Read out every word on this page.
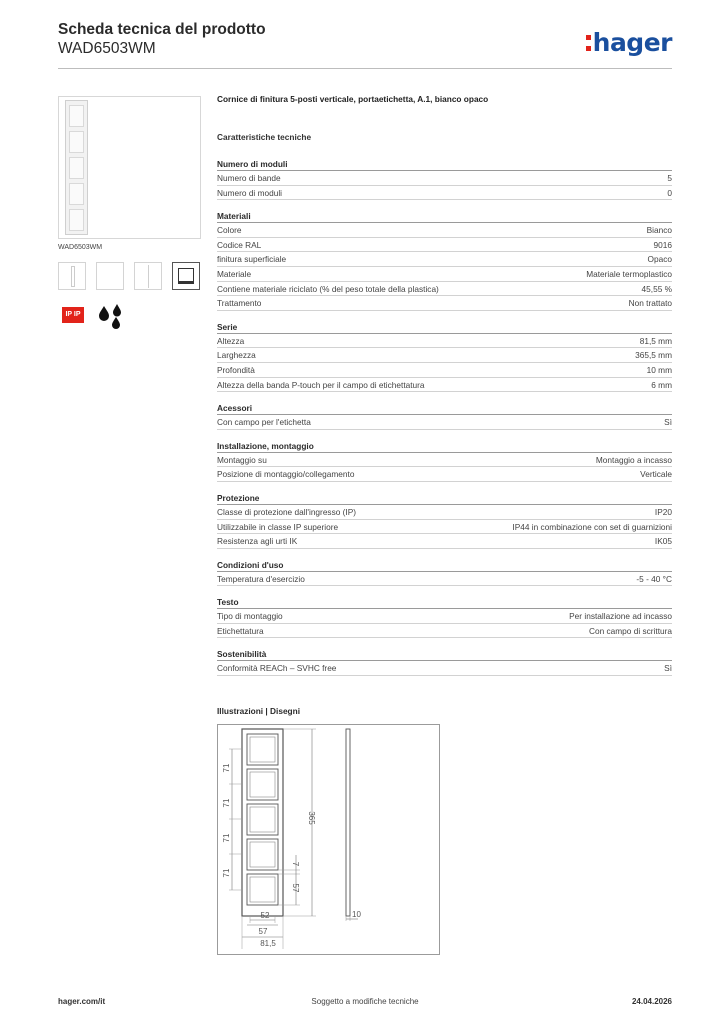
Scheda tecnica del prodotto
WAD6503WM	hager
WAD6503WM
IP IP
Cornice di finitura 5-posti verticale, portaetichetta, A.1, bianco opaco
Caratteristiche tecniche
Numero di moduli
Numero di bande	5
Numero di moduli	0
Materiali
Colore	Bianco
Codice RAL	9016
finitura superficiale	Opaco
Materiale	Materiale termoplastico
Contiene materiale riciclato (% del peso totale della plastica)	45,55 %
Trattamento	Non trattato
Serie
Altezza	81,5 mm
Larghezza	365,5 mm
Profondità	10 mm
Altezza della banda P-touch per il campo di etichettatura	6 mm
Acessori
Con campo per l'etichetta	Sì
Installazione, montaggio
Montaggio su	Montaggio a incasso
Posizione di montaggio/collegamento	Verticale
Protezione
Classe di protezione dall'ingresso (IP)	IP20
Utilizzabile in classe IP superiore	IP44 in combinazione con set di guarnizioni
Resistenza agli urti IK	IK05
Condizioni d'uso
Temperatura d'esercizio	-5 - 40 °C
Testo
Tipo di montaggio	Per installazione ad incasso
Etichettatura	Con campo di scrittura
Sostenibilità
Conformità REACh – SVHC free	Sì
Illustrazioni | Disegni
71
71
71
71
365
7
57
52
57
81,5
10
hager.com/it	Soggetto a modifiche tecniche	24.04.2026
